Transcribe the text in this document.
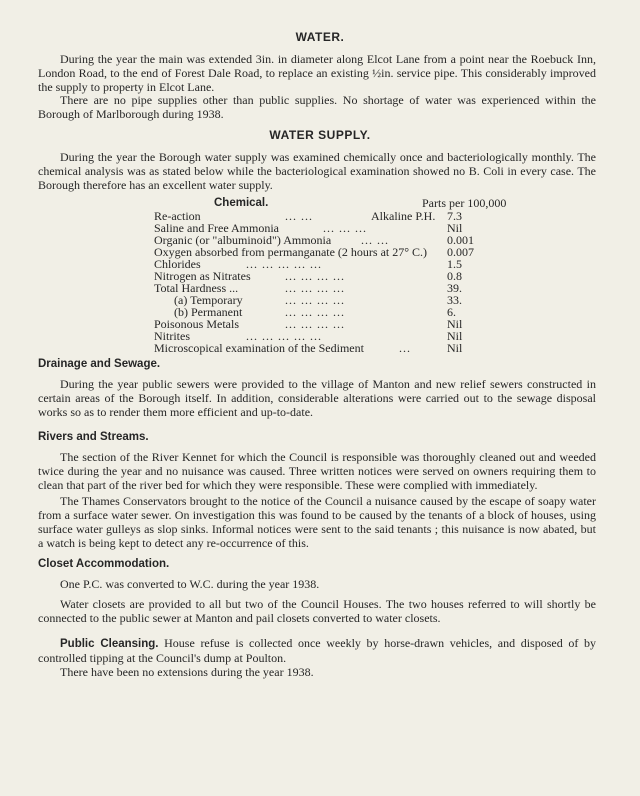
WATER.
During the year the main was extended 3in. in diameter along Elcot Lane from a point near the Roebuck Inn, London Road, to the end of Forest Dale Road, to replace an existing ½in. service pipe. This considerably improved the supply to property in Elcot Lane.
There are no pipe supplies other than public supplies. No shortage of water was experienced within the Borough of Marlborough during 1938.
WATER SUPPLY.
During the year the Borough water supply was examined chemically once and bacteriologically monthly. The chemical analysis was as stated below while the bacteriological examination showed no B. Coli in every case. The Borough therefore has an excellent water supply.
Chemical.	Parts per 100,000
Re-action	... ...	Alkaline P.H. 7.3
Saline and Free Ammonia	... ... ...	Nil
Organic (or "albuminoid") Ammonia ... ...	0.001
Oxygen absorbed from permanganate (2 hours at 27° C.) 0.007
Chlorides	... ... ... ... ...	1.5
Nitrogen as Nitrates	... ... ... ...	0.8
Total Hardness ...	... ... ... ...	39.
(a) Temporary	... ... ... ...	33.
(b) Permanent	... ... ... ...	6.
Poisonous Metals	... ... ... ...	Nil
Nitrites	... ... ... ... ...	Nil
Microscopical examination of the Sediment	...	Nil
Drainage and Sewage.
During the year public sewers were provided to the village of Manton and new relief sewers constructed in certain areas of the Borough itself. In addition, considerable alterations were carried out to the sewage disposal works so as to render them more efficient and up-to-date.
Rivers and Streams.
The section of the River Kennet for which the Council is responsible was thoroughly cleaned out and weeded twice during the year and no nuisance was caused. Three written notices were served on owners requiring them to clean that part of the river bed for which they were responsible. These were complied with immediately.
The Thames Conservators brought to the notice of the Council a nuisance caused by the escape of soapy water from a surface water sewer. On investigation this was found to be caused by the tenants of a block of houses, using surface water gulleys as slop sinks. Informal notices were sent to the said tenants ; this nuisance is now abated, but a watch is being kept to detect any re-occurrence of this.
Closet Accommodation.
One P.C. was converted to W.C. during the year 1938.
Water closets are provided to all but two of the Council Houses. The two houses referred to will shortly be connected to the public sewer at Manton and pail closets converted to water closets.
Public Cleansing. House refuse is collected once weekly by horse-drawn vehicles, and disposed of by controlled tipping at the Council's dump at Poulton.
There have been no extensions during the year 1938.
